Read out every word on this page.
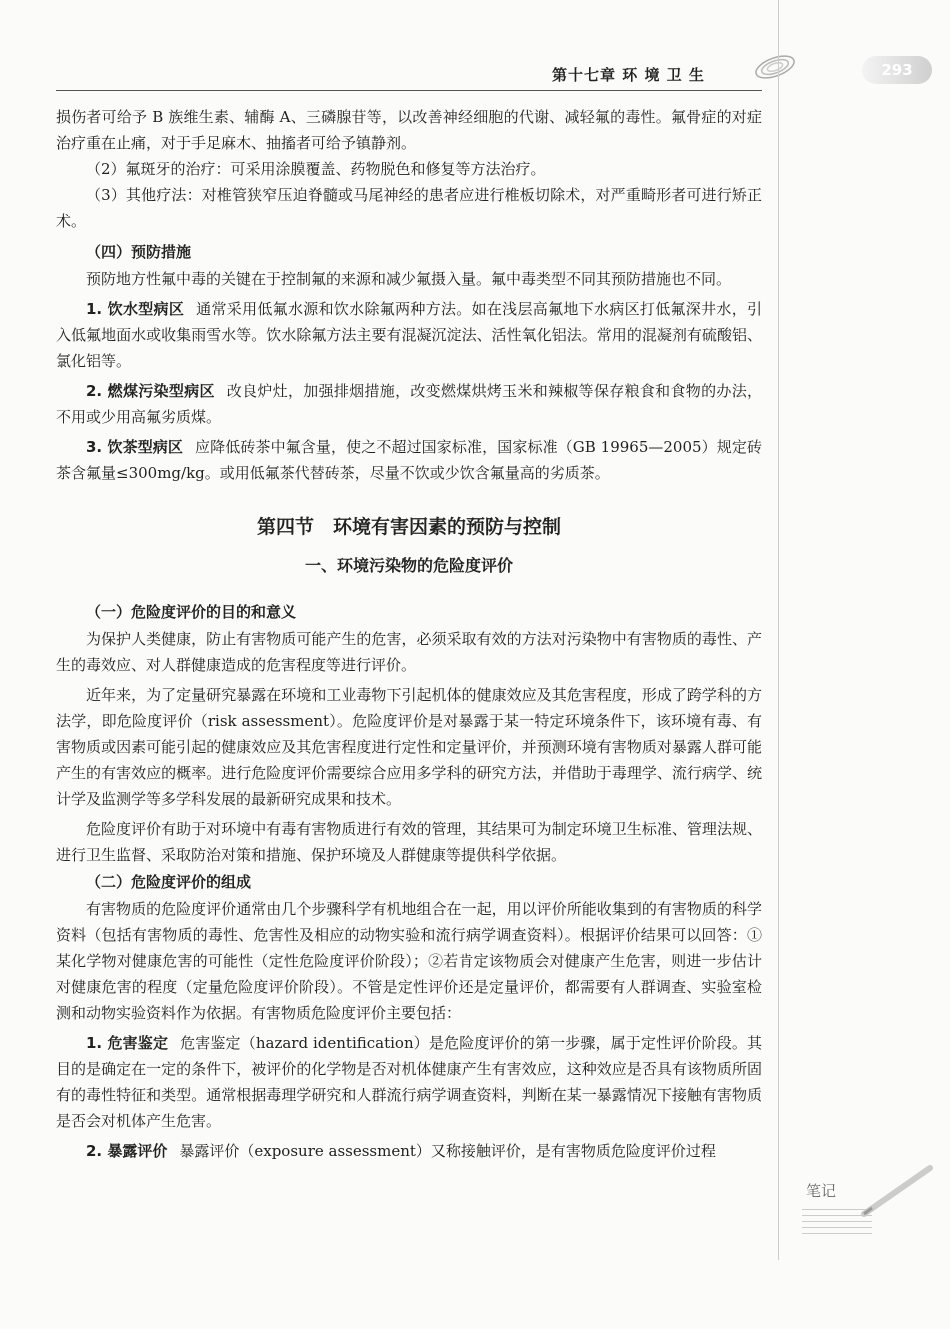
293
第十七章 环 境 卫 生

损伤者可给予 B 族维生素、辅酶 A、三磷腺苷等，以改善神经细胞的代谢、减轻氟的毒性。氟骨症的对症治疗重在止痛，对于手足麻木、抽搐者可给予镇静剂。

（2）氟斑牙的治疗：可采用涂膜覆盖、药物脱色和修复等方法治疗。

（3）其他疗法：对椎管狭窄压迫脊髓或马尾神经的患者应进行椎板切除术，对严重畸形者可进行矫正术。

（四）预防措施

预防地方性氟中毒的关键在于控制氟的来源和减少氟摄入量。氟中毒类型不同其预防措施也不同。

1. 饮水型病区 通常采用低氟水源和饮水除氟两种方法。如在浅层高氟地下水病区打低氟深井水，引入低氟地面水或收集雨雪水等。饮水除氟方法主要有混凝沉淀法、活性氧化铝法。常用的混凝剂有硫酸铝、氯化铝等。

2. 燃煤污染型病区 改良炉灶，加强排烟措施，改变燃煤烘烤玉米和辣椒等保存粮食和食物的办法，不用或少用高氟劣质煤。

3. 饮茶型病区 应降低砖茶中氟含量，使之不超过国家标准，国家标准（GB 19965—2005）规定砖茶含氟量≤300mg/kg。或用低氟茶代替砖茶，尽量不饮或少饮含氟量高的劣质茶。

第四节　环境有害因素的预防与控制
一、环境污染物的危险度评价
（一）危险度评价的目的和意义

为保护人类健康，防止有害物质可能产生的危害，必须采取有效的方法对污染物中有害物质的毒性、产生的毒效应、对人群健康造成的危害程度等进行评价。

近年来，为了定量研究暴露在环境和工业毒物下引起机体的健康效应及其危害程度，形成了跨学科的方法学，即危险度评价（risk assessment）。危险度评价是对暴露于某一特定环境条件下，该环境有毒、有害物质或因素可能引起的健康效应及其危害程度进行定性和定量评价，并预测环境有害物质对暴露人群可能产生的有害效应的概率。进行危险度评价需要综合应用多学科的研究方法，并借助于毒理学、流行病学、统计学及监测学等多学科发展的最新研究成果和技术。

危险度评价有助于对环境中有毒有害物质进行有效的管理，其结果可为制定环境卫生标准、管理法规、进行卫生监督、采取防治对策和措施、保护环境及人群健康等提供科学依据。

（二）危险度评价的组成

有害物质的危险度评价通常由几个步骤科学有机地组合在一起，用以评价所能收集到的有害物质的科学资料（包括有害物质的毒性、危害性及相应的动物实验和流行病学调查资料）。根据评价结果可以回答：①某化学物对健康危害的可能性（定性危险度评价阶段）；②若肯定该物质会对健康产生危害，则进一步估计对健康危害的程度（定量危险度评价阶段）。不管是定性评价还是定量评价，都需要有人群调查、实验室检测和动物实验资料作为依据。有害物质危险度评价主要包括：

1. 危害鉴定 危害鉴定（hazard identification）是危险度评价的第一步骤，属于定性评价阶段。其目的是确定在一定的条件下，被评价的化学物是否对机体健康产生有害效应，这种效应是否具有该物质所固有的毒性特征和类型。通常根据毒理学研究和人群流行病学调查资料，判断在某一暴露情况下接触有害物质是否会对机体产生危害。

2. 暴露评价 暴露评价（exposure assessment）又称接触评价，是有害物质危险度评价过程

笔记
